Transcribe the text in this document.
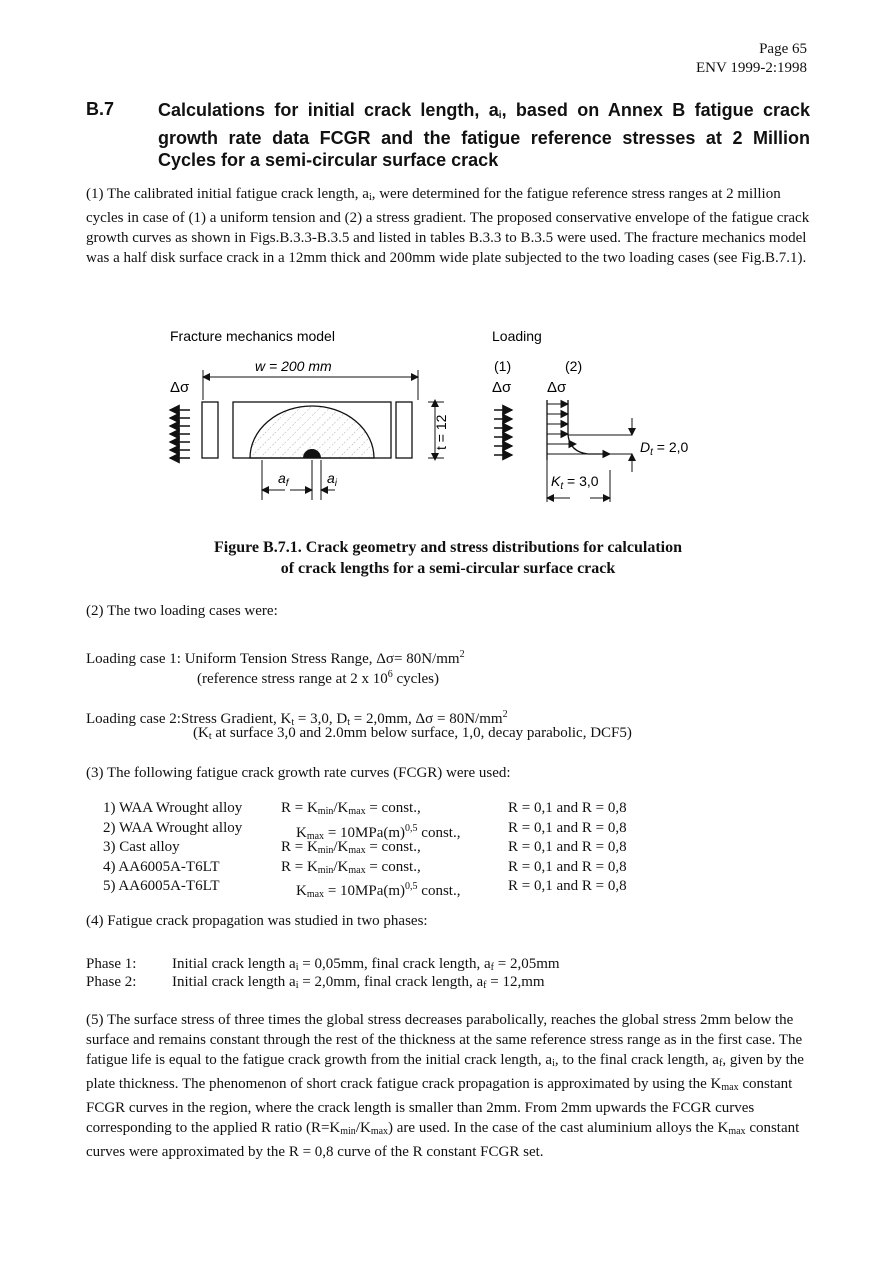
Page 65
ENV 1999-2:1998
B.7 Calculations for initial crack length, $a_i$, based on Annex B fatigue crack growth rate data FCGR and the fatigue reference stresses at 2 Million Cycles for a semi-circular surface crack
(1) The calibrated initial fatigue crack length, $a_i$, were determined for the fatigue reference stress ranges at 2 million cycles in case of (1) a uniform tension and (2) a stress gradient. The proposed conservative envelope of the fatigue crack growth curves as shown in Figs.B.3.3-B.3.5 and listed in tables B.3.3 to B.3.5 were used. The fracture mechanics model was a half disk surface crack in a 12mm thick and 200mm wide plate subjected to the two loading cases (see Fig.B.7.1).
Fracture mechanics model	Loading
w = 200 mm
Δσ
t = 12
$a_f$	$a_i$
(1)	(2)
Δσ Δσ
$D_t = 2,0$
$K_t = 3,0$
Figure B.7.1. Crack geometry and stress distributions for calculation
of crack lengths for a semi-circular surface crack
(2) The two loading cases were:
Loading case 1: Uniform Tension Stress Range, $\Delta\sigma= 80N/mm^2$
(reference stress range at 2 x $10^6$ cycles)
Loading case 2:Stress Gradient, $K_t = 3,0$, $D_t = 2,0mm$, $\Delta\sigma = 80N/mm^2$
($K_t$ at surface 3,0 and 2.0mm below surface, 1,0, decay parabolic, DCF5)
(3) The following fatigue crack growth rate curves (FCGR) were used:
1) WAA Wrought alloy	$R = K_{min}/K_{max}$ = const.,	R = 0,1 and R = 0,8
2) WAA Wrought alloy	$K_{max} = 10MPa(m)^{0,5}$ const.,	R = 0,1 and R = 0,8
3) Cast alloy	$R = K_{min}/K_{max}$ = const.,	R = 0,1 and R = 0,8
4) AA6005A-T6LT	$R = K_{min}/K_{max}$ = const.,	R = 0,1 and R = 0,8
5) AA6005A-T6LT	$K_{max} = 10MPa(m)^{0,5}$ const.,	R = 0,1 and R = 0,8
(4) Fatigue crack propagation was studied in two phases:
Phase 1: Initial crack length $a_i = 0,05mm$, final crack length, $a_f = 2,05mm$
Phase 2: Initial crack length $a_i = 2,0mm$, final crack length, $a_f = 12,mm$
(5) The surface stress of three times the global stress decreases parabolically, reaches the global stress 2mm below the surface and remains constant through the rest of the thickness at the same reference stress range as in the first case. The fatigue life is equal to the fatigue crack growth from the initial crack length, $a_i$, to the final crack length, $a_f$, given by the plate thickness. The phenomenon of short crack fatigue crack propagation is approximated by using the $K_{max}$ constant FCGR curves in the region, where the crack length is smaller than 2mm. From 2mm upwards the FCGR curves corresponding to the applied R ratio $(R=K_{min}/K_{max})$ are used. In the case of the cast aluminium alloys the $K_{max}$ constant curves were approximated by the R = 0,8 curve of the R constant FCGR set.
